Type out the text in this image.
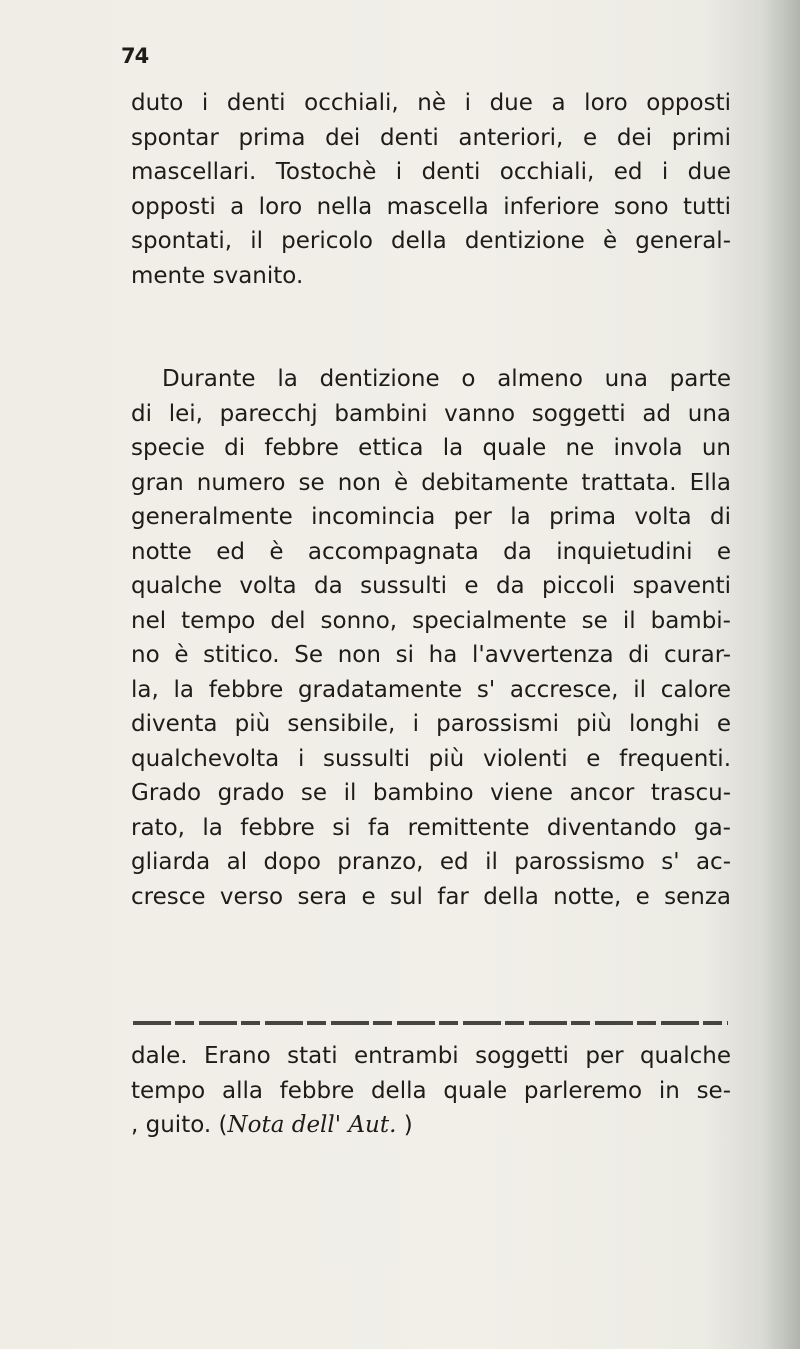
74
duto i denti occhiali, nè i due a loro opposti
spontar prima dei denti anteriori, e dei primi
mascellari. Tostochè i denti occhiali, ed i due
opposti a loro nella mascella inferiore sono tutti
spontati, il pericolo della dentizione è general-
mente svanito.
Durante la dentizione o almeno una parte
di lei, parecchj bambini vanno soggetti ad una
specie di febbre ettica la quale ne invola un
gran numero se non è debitamente trattata. Ella
generalmente incomincia per la prima volta di
notte ed è accompagnata da inquietudini e
qualche volta da sussulti e da piccoli spaventi
nel tempo del sonno, specialmente se il bambi-
no è stitico. Se non si ha l'avvertenza di curar-
la, la febbre gradatamente s' accresce, il calore
diventa più sensibile, i parossismi più longhi e
qualchevolta i sussulti più violenti e frequenti.
Grado grado se il bambino viene ancor trascu-
rato, la febbre si fa remittente diventando ga-
gliarda al dopo pranzo, ed il parossismo s' ac-
cresce verso sera e sul far della notte, e senza
dale. Erano stati entrambi soggetti per qualche
tempo alla febbre della quale parleremo in se-
, guito. (Nota dell' Aut. )
